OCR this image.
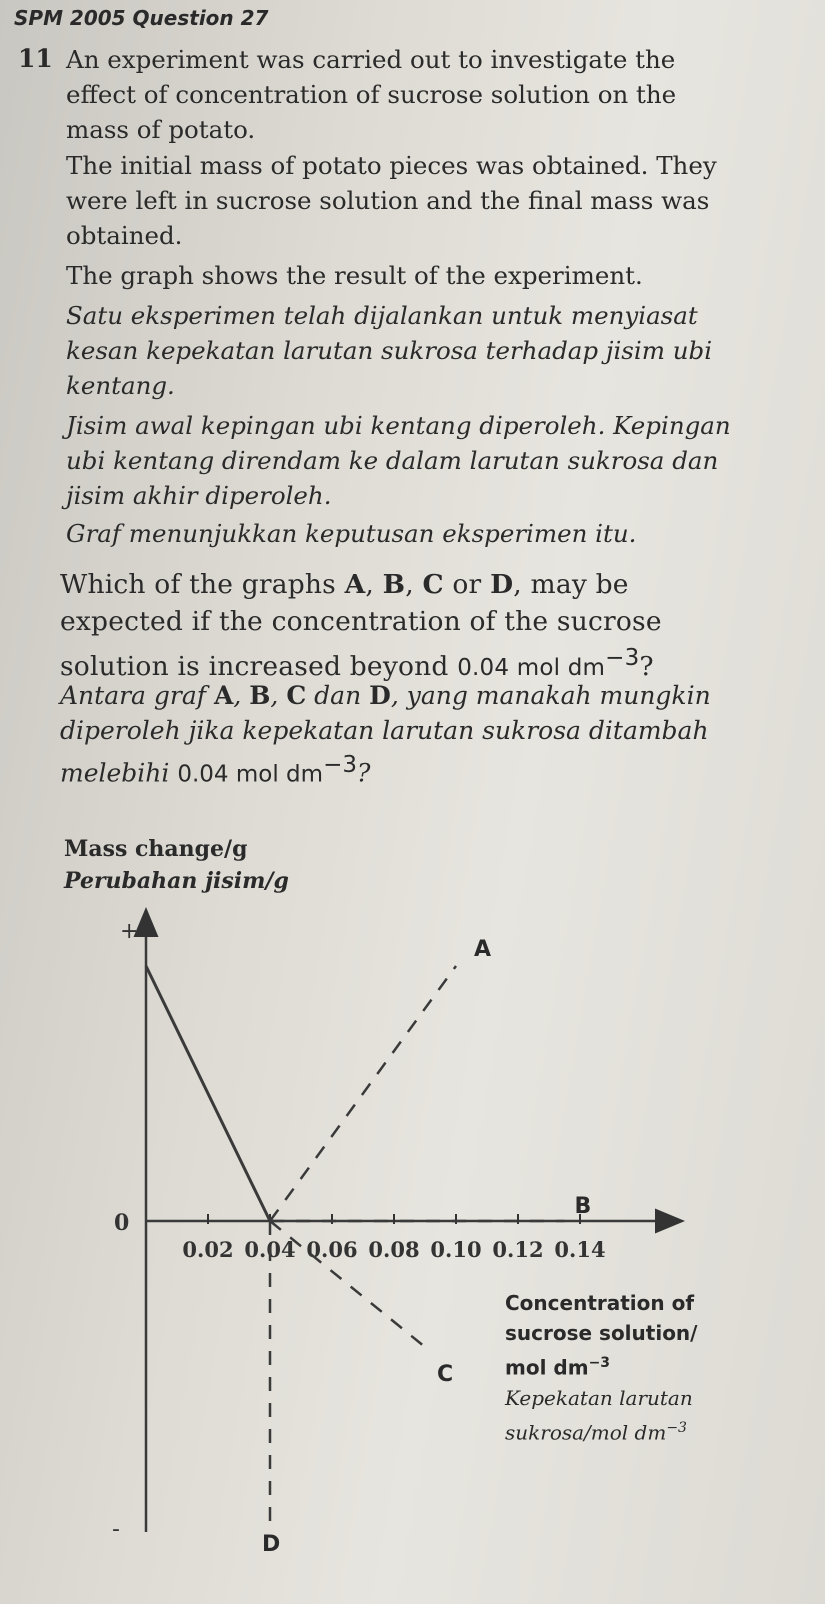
SPM 2005 Question 27
11 An experiment was carried out to investigate the effect of concentration of sucrose solution on the mass of potato.

The initial mass of potato pieces was obtained. They were left in sucrose solution and the final mass was obtained.

The graph shows the result of the experiment.

Satu eksperimen telah dijalankan untuk menyiasat kesan kepekatan larutan sukrosa terhadap jisim ubi kentang.

Jisim awal kepingan ubi kentang diperoleh. Kepingan ubi kentang direndam ke dalam larutan sukrosa dan jisim akhir diperoleh.

Graf menunjukkan keputusan eksperimen itu.

Which of the graphs A, B, C or D, may be expected if the concentration of the sucrose solution is increased beyond 0.04 mol $dm^{-3}$?

Antara graf A, B, C dan D, yang manakah mungkin diperoleh jika kepekatan larutan sukrosa ditambah melebihi 0.04 mol $dm^{-3}$?

Mass change/g
Perubahan jisim/g
+
-
0
0.02 0.04 0.06 0.08 0.10 0.12 0.14
A
B
C
D
Concentration of
sucrose solution/
mol $dm^{-3}$
Kepekatan larutan
sukrosa/mol $dm^{-3}$
